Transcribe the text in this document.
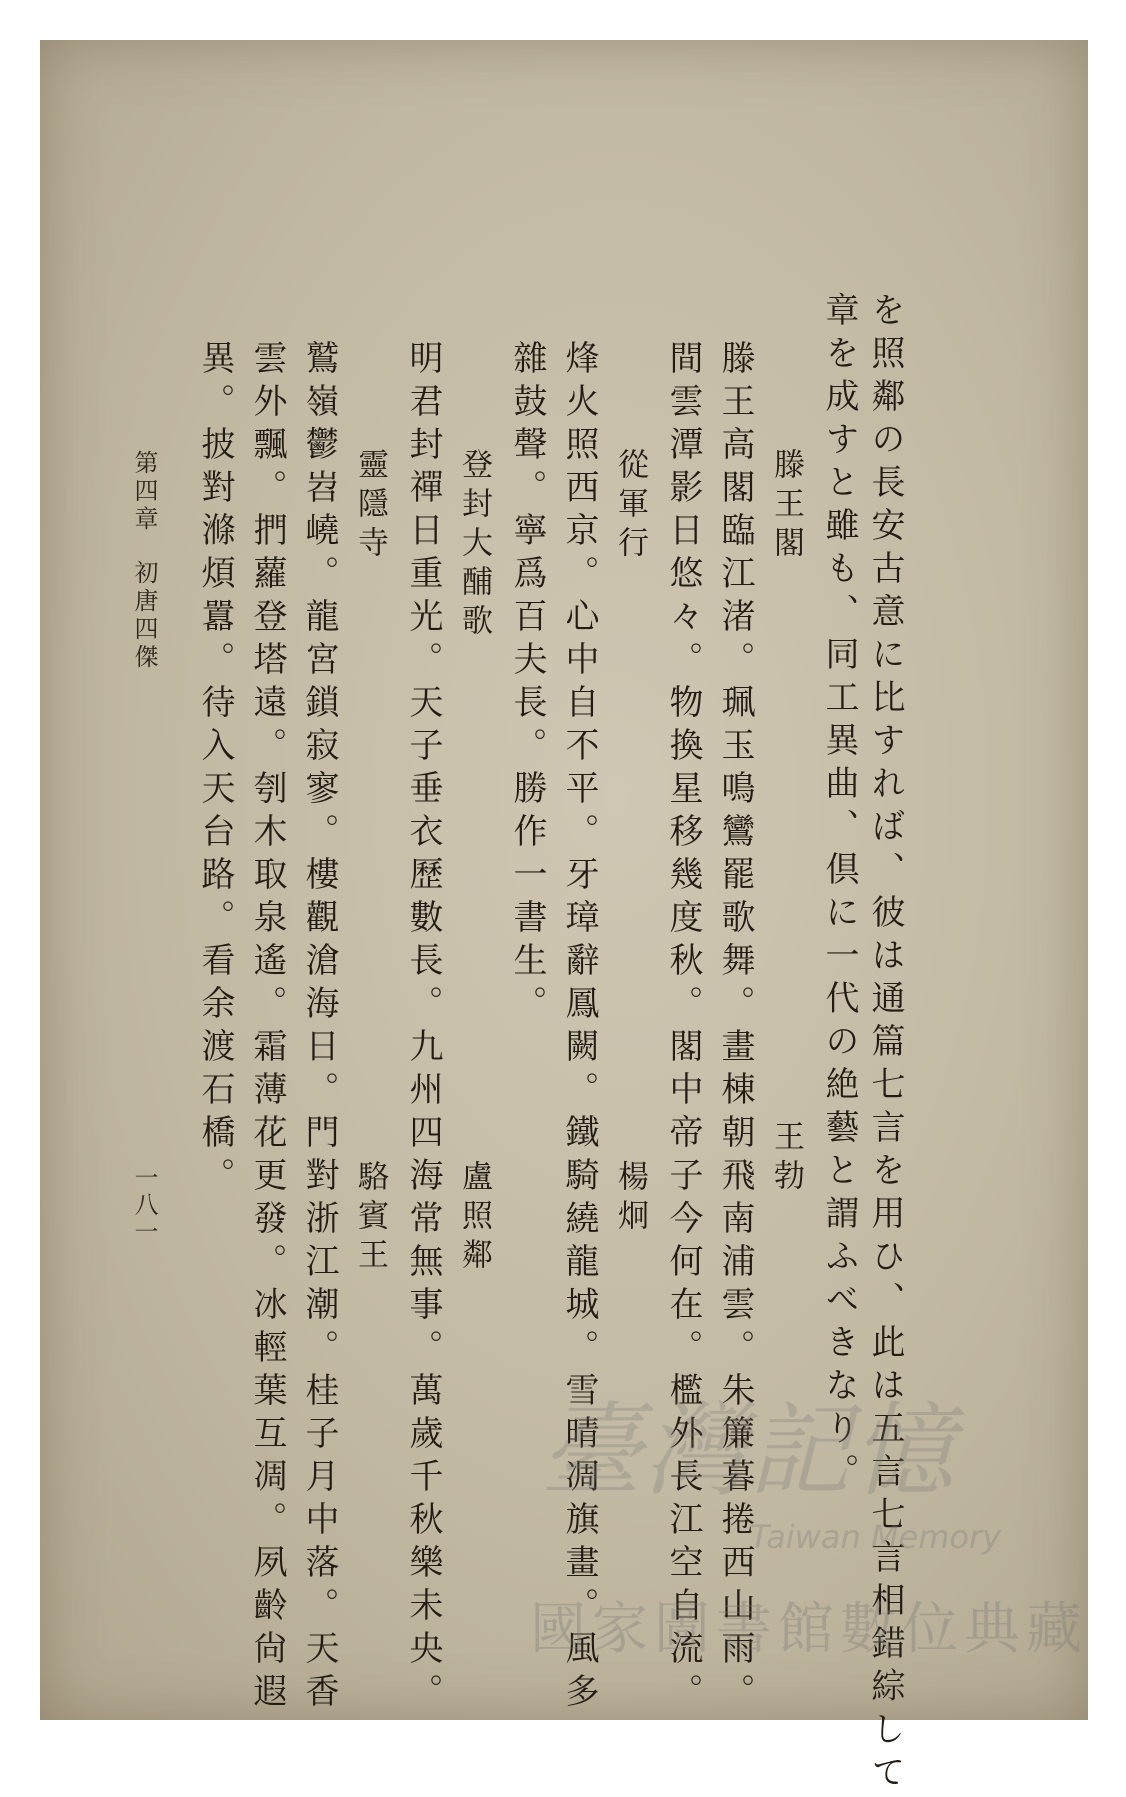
を照鄰の長安古意に比すれば、彼は通篇七言を用ひ、此は五言七言相錯綜して
章を成すと雖も、同工異曲、倶に一代の絶藝と謂ふべきなり。
滕王閣
王勃
滕王高閣臨江渚。珮玉鳴鸞罷歌舞。畫棟朝飛南浦雲。朱簾暮捲西山雨。
間雲潭影日悠々。物換星移幾度秋。閣中帝子今何在。檻外長江空自流。
從軍行
楊炯
烽火照西京。心中自不平。牙璋辭鳳闕。鐵騎繞龍城。雪晴凋旗畫。風多
雜鼓聲。寧爲百夫長。勝作一書生。
登封大酺歌
盧照鄰
明君封禪日重光。天子垂衣歷數長。九州四海常無事。萬歲千秋樂未央。
靈隱寺
駱賓王
鷲嶺鬱岧嶢。龍宮鎖寂寥。樓觀滄海日。門對浙江潮。桂子月中落。天香
雲外飄。捫蘿登塔遠。刳木取泉遙。霜薄花更發。冰輕葉互凋。夙齡尙遐
異。披對滌煩囂。待入天台路。看余渡石橋。
第四章
初唐四傑
一八一
臺灣記憶
Taiwan Memory
國家圖書館數位典藏
